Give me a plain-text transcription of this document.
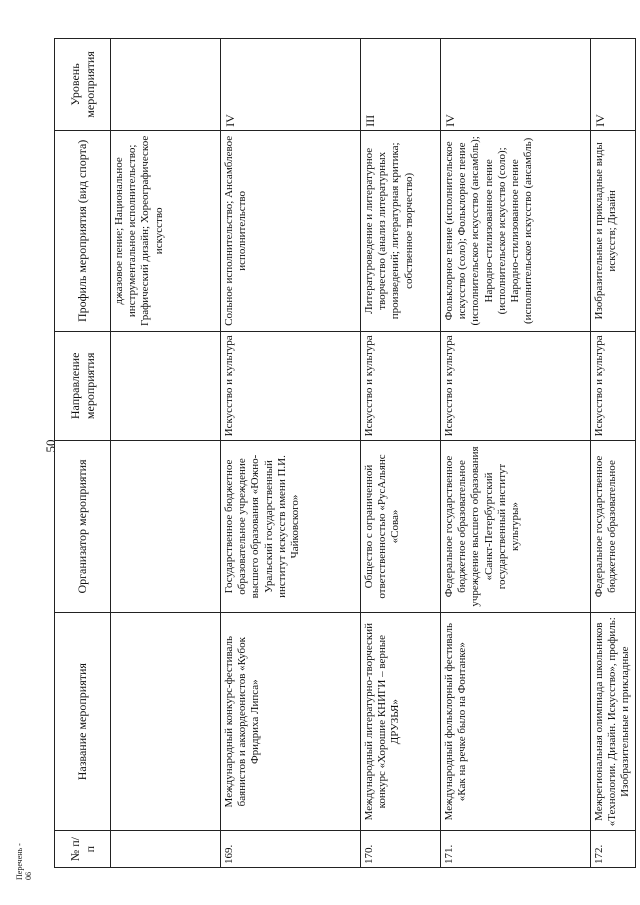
50
№ п/п	Название мероприятия	Организатор мероприятия	Направление мероприятия	Профиль мероприятия (вид спорта)	Уровень мероприятия
				джазовое пение; Национальное инструментальное исполнительство; Графический дизайн; Хореографическое искусство	
169.	Международный конкурс-фестиваль баянистов и аккордеонистов «Кубок Фридриха Липса»	Государственное бюджетное образовательное учреждение высшего образования «Южно-Уральский государственный институт искусств имени П.И. Чайковского»	Искусство и культура	Сольное исполнительство; Ансамблевое исполнительство	IV
170.	Международный литературно-творческий конкурс «Хорошие КНИГИ – верные ДРУЗЬЯ»	Общество с ограниченной ответственностью «РусАльянс «Сова»	Искусство и культура	Литературоведение и литературное творчество (анализ литературных произведений; литературная критика; собственное творчество)	III
171.	Международный фольклорный фестиваль «Как на речке было на Фонтанке»	Федеральное государственное бюджетное образовательное учреждение высшего образования «Санкт-Петербургский государственный институт культуры»	Искусство и культура	Фольклорное пение (исполнительское искусство (соло); Фольклорное пение (исполнительское искусство (ансамбль); Народно-стилизованное пение (исполнительское искусство (соло); Народно-стилизованное пение (исполнительское искусство (ансамбль)	IV
172.	Межрегиональная олимпиада школьников «Технологии. Дизайн. Искусство», профиль: Изобразительные и прикладные	Федеральное государственное бюджетное образовательное	Искусство и культура	Изобразительные и прикладные виды искусств; Дизайн	IV
Перечень - 06
